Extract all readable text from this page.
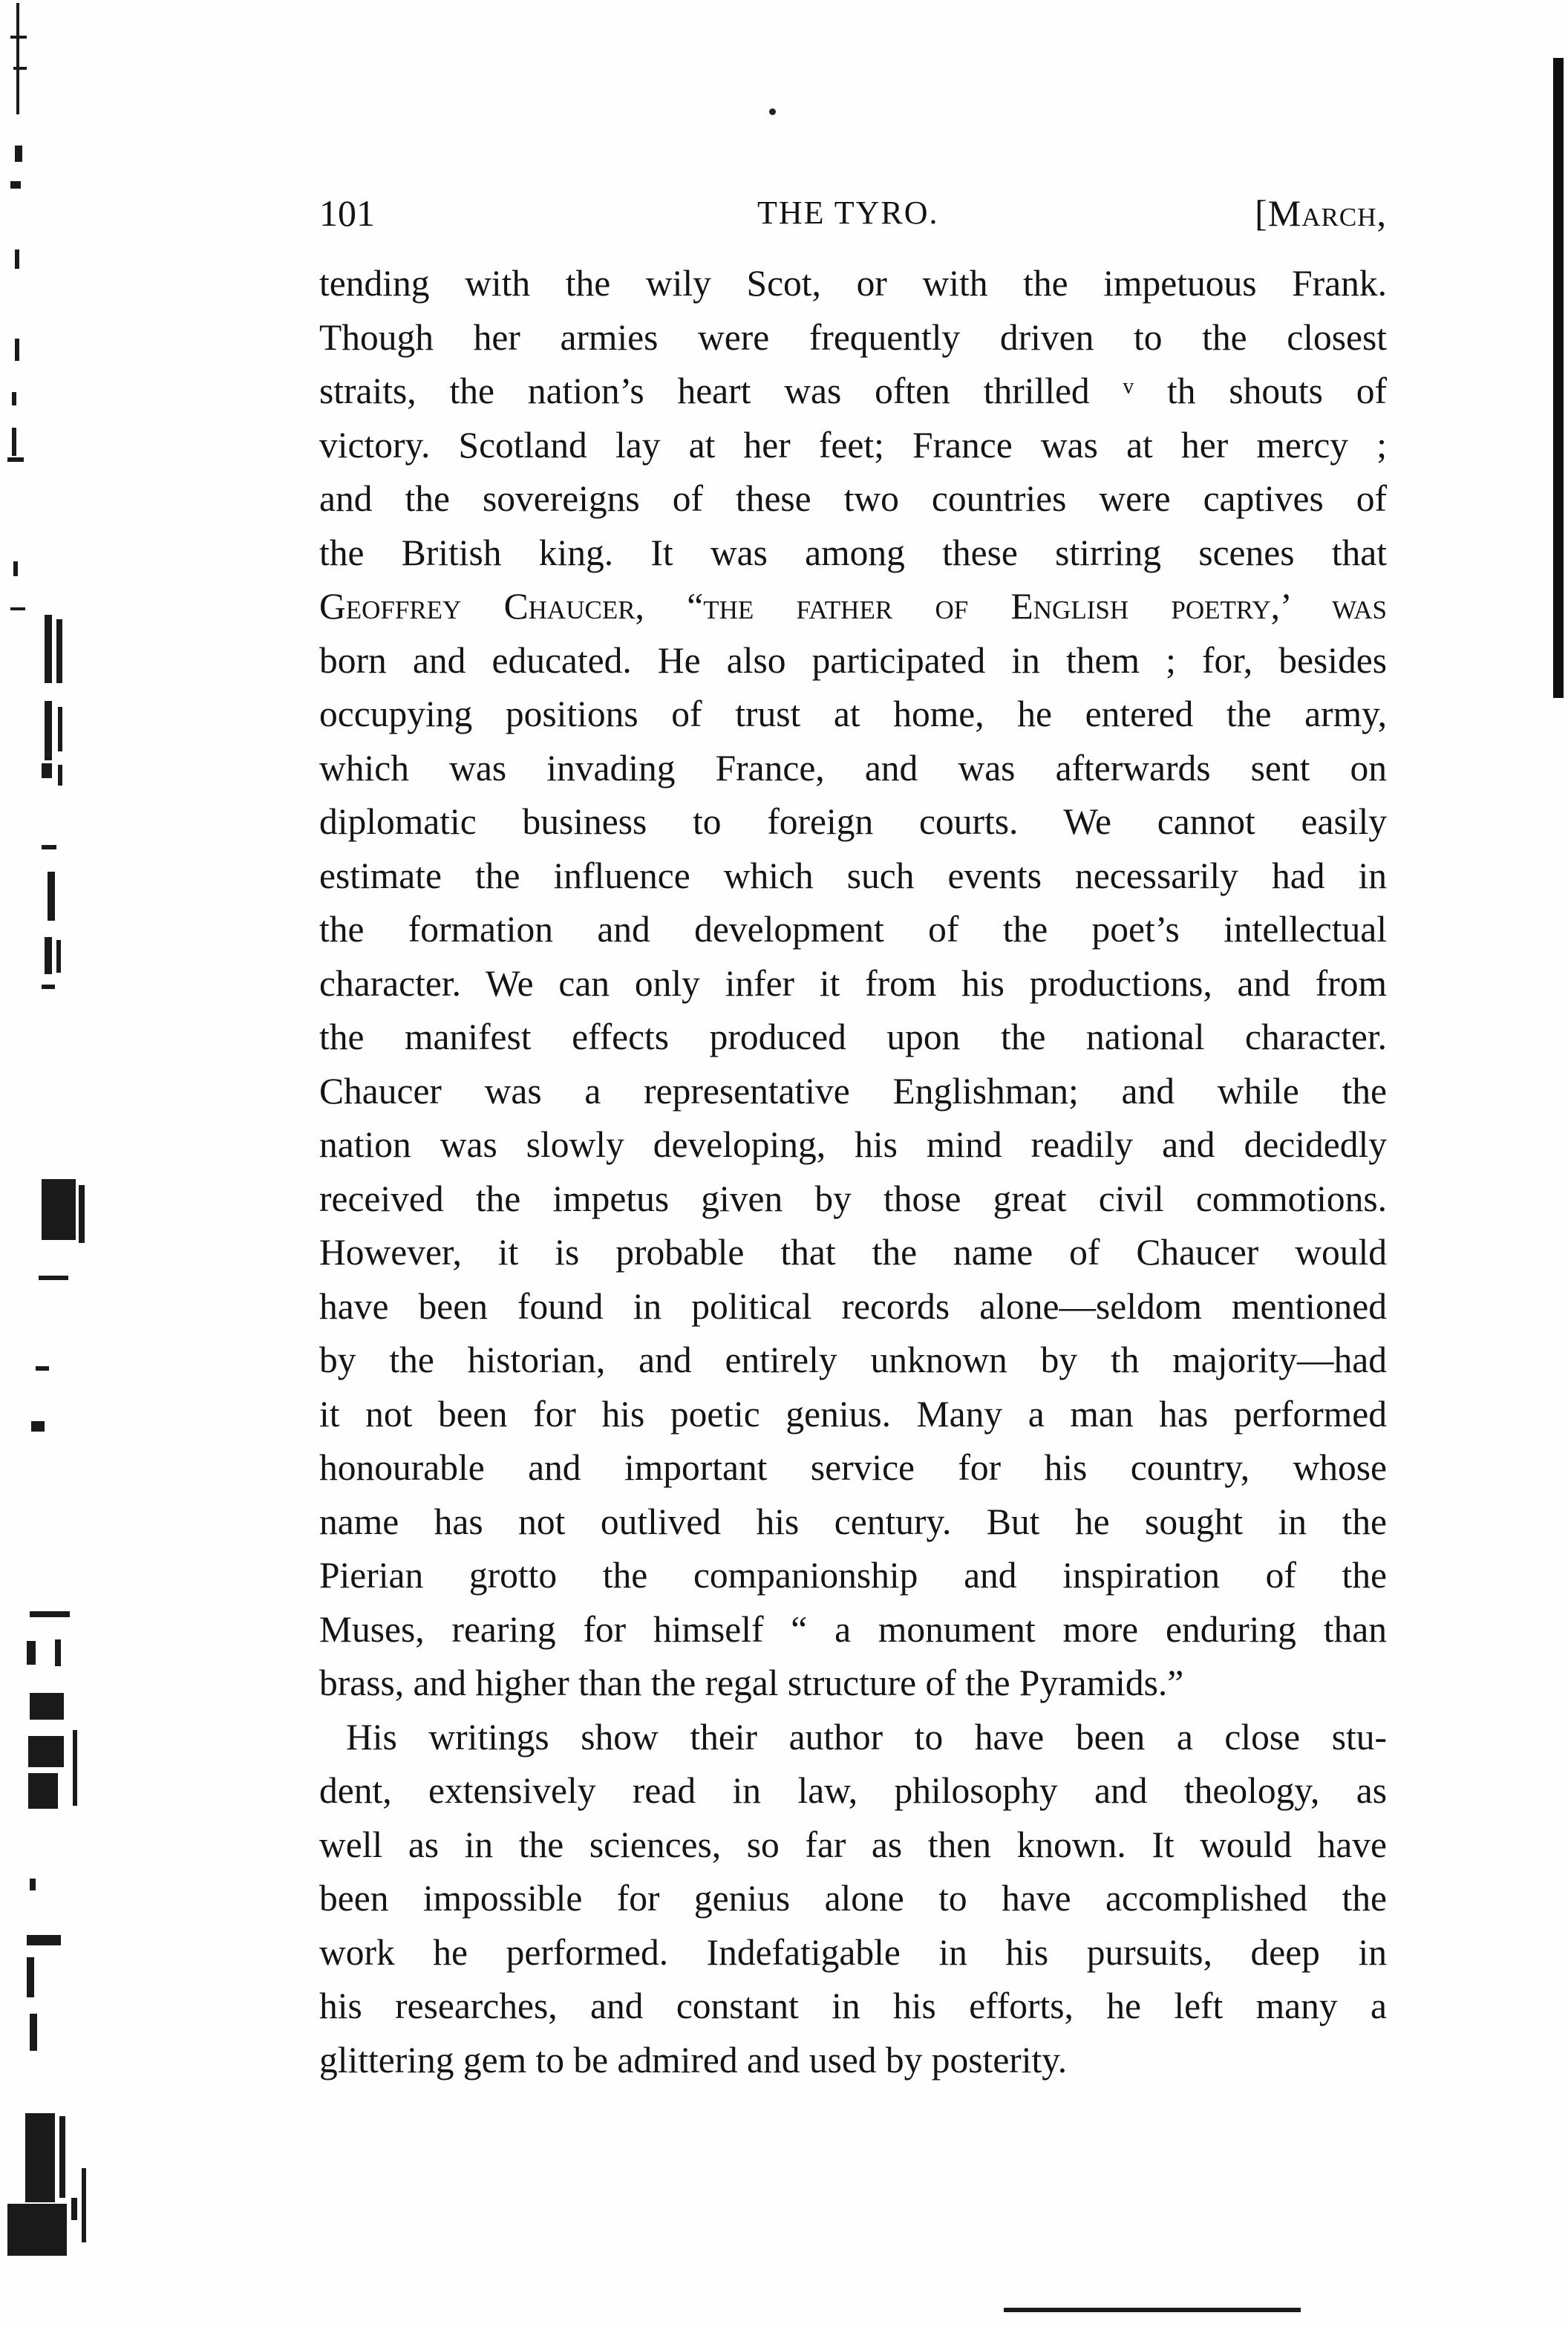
101	THE TYRO.	[March,
tending with the wily Scot, or with the impetuous Frank.
Though her armies were frequently driven to the closest
straits, the nation’s heart was often thrilled ᵛ th shouts of
victory. Scotland lay at her feet; France was at her mercy ;
and the sovereigns of these two countries were captives of
the British king. It was among these stirring scenes that
Geoffrey Chaucer, “the father of English poetry,’ was
born and educated. He also participated in them ; for, besides
occupying positions of trust at home, he entered the army,
which was invading France, and was afterwards sent on
diplomatic business to foreign courts. We cannot easily
estimate the influence which such events necessarily had in
the formation and development of the poet’s intellectual
character. We can only infer it from his productions, and from
the manifest effects produced upon the national character.
Chaucer was a representative Englishman; and while the
nation was slowly developing, his mind readily and decidedly
received the impetus given by those great civil commotions.
However, it is probable that the name of Chaucer would
have been found in political records alone—seldom mentioned
by the historian, and entirely unknown by th majority—had
it not been for his poetic genius. Many a man has performed
honourable and important service for his country, whose
name has not outlived his century. But he sought in the
Pierian grotto the companionship and inspiration of the
Muses, rearing for himself “ a monument more enduring than
brass, and higher than the regal structure of the Pyramids.”
His writings show their author to have been a close stu-
dent, extensively read in law, philosophy and theology, as
well as in the sciences, so far as then known. It would have
been impossible for genius alone to have accomplished the
work he performed. Indefatigable in his pursuits, deep in
his researches, and constant in his efforts, he left many a
glittering gem to be admired and used by posterity.
